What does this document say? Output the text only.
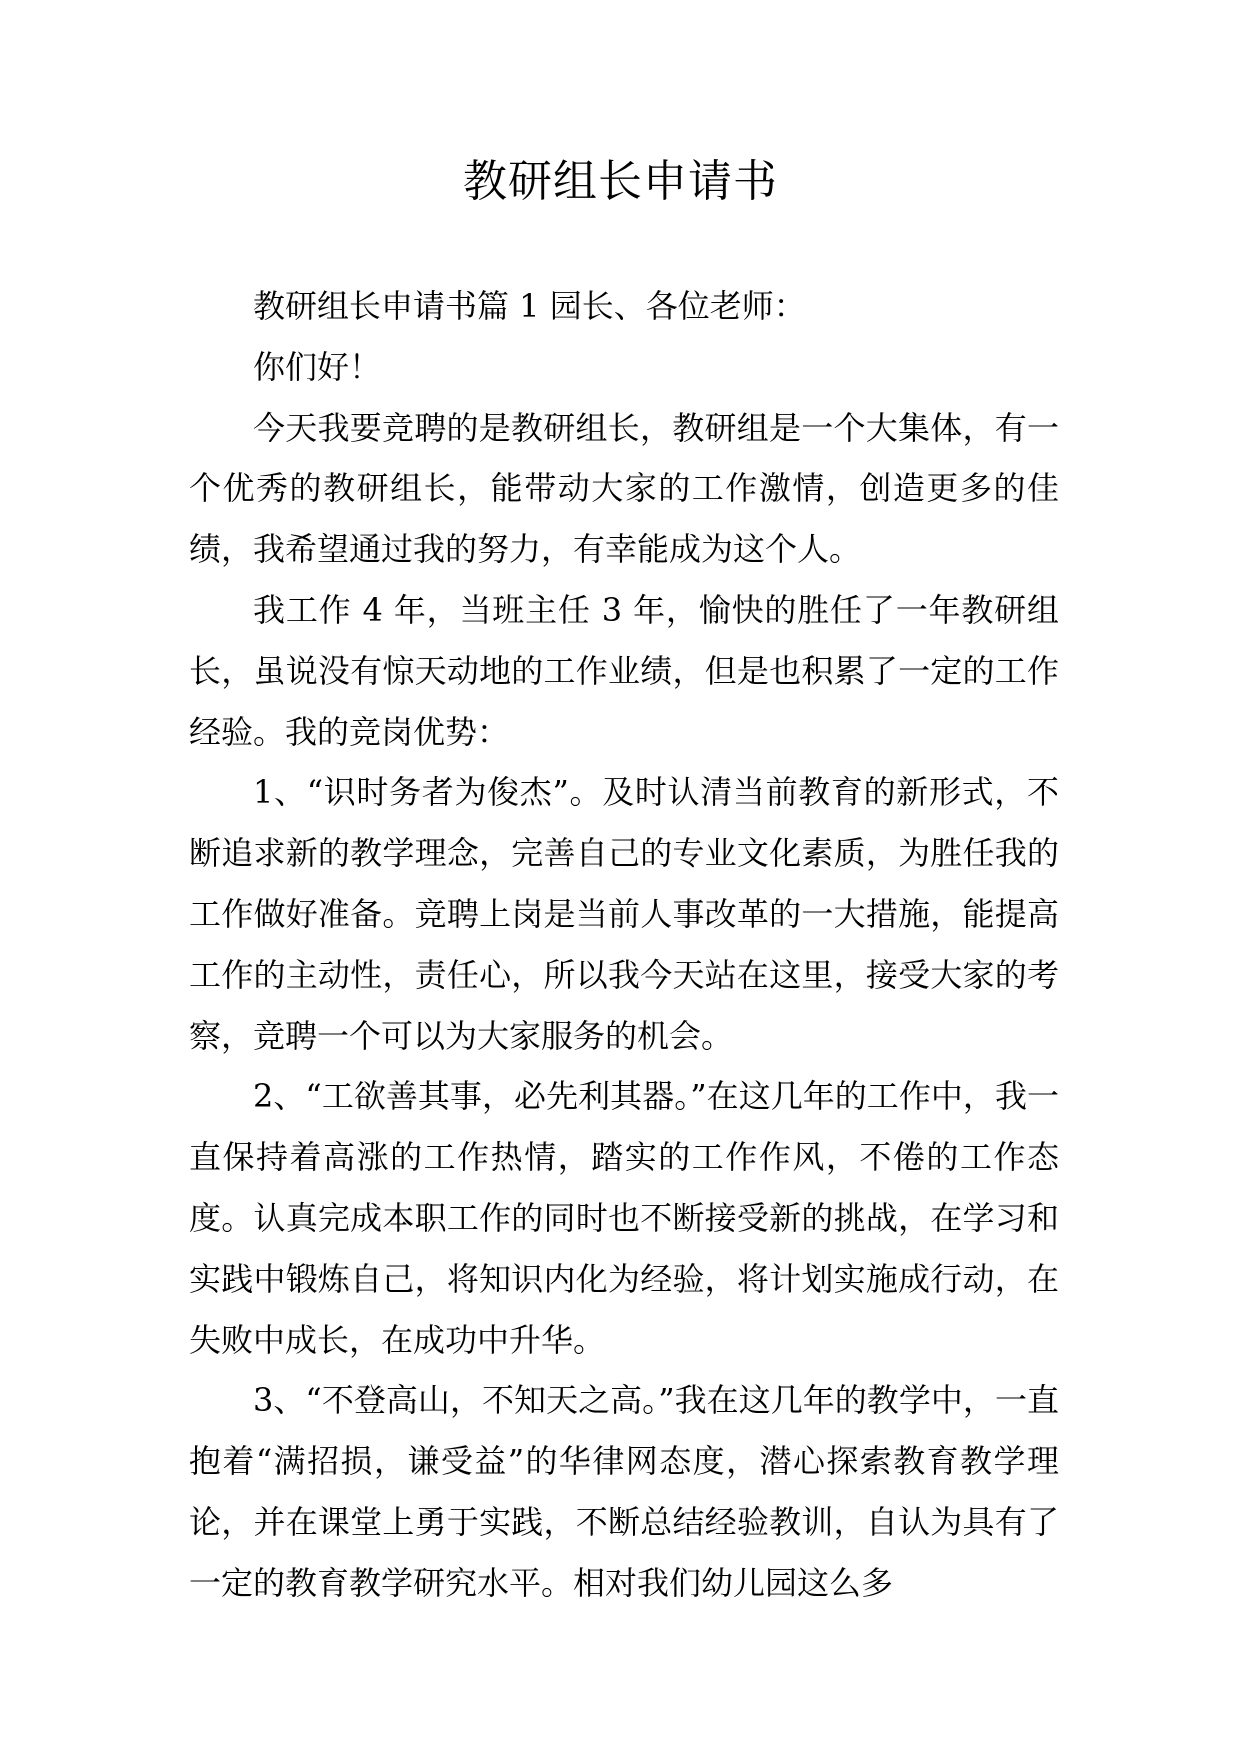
教研组长申请书

教研组长申请书篇 1 园长、各位老师：

你们好！

今天我要竞聘的是教研组长，教研组是一个大集体，有一个优秀的教研组长，能带动大家的工作激情，创造更多的佳绩，我希望通过我的努力，有幸能成为这个人。

我工作 4 年，当班主任 3 年，愉快的胜任了一年教研组长，虽说没有惊天动地的工作业绩，但是也积累了一定的工作经验。我的竞岗优势：

1、“识时务者为俊杰”。及时认清当前教育的新形式，不断追求新的教学理念，完善自己的专业文化素质，为胜任我的工作做好准备。竞聘上岗是当前人事改革的一大措施，能提高工作的主动性，责任心，所以我今天站在这里，接受大家的考察，竞聘一个可以为大家服务的机会。

2、“工欲善其事，必先利其器。”在这几年的工作中，我一直保持着高涨的工作热情，踏实的工作作风，不倦的工作态度。认真完成本职工作的同时也不断接受新的挑战，在学习和实践中锻炼自己，将知识内化为经验，将计划实施成行动，在失败中成长，在成功中升华。

3、“不登高山，不知天之高。”我在这几年的教学中，一直抱着“满招损，谦受益”的华律网态度，潜心探索教育教学理论，并在课堂上勇于实践，不断总结经验教训，自认为具有了一定的教育教学研究水平。相对我们幼儿园这么多
